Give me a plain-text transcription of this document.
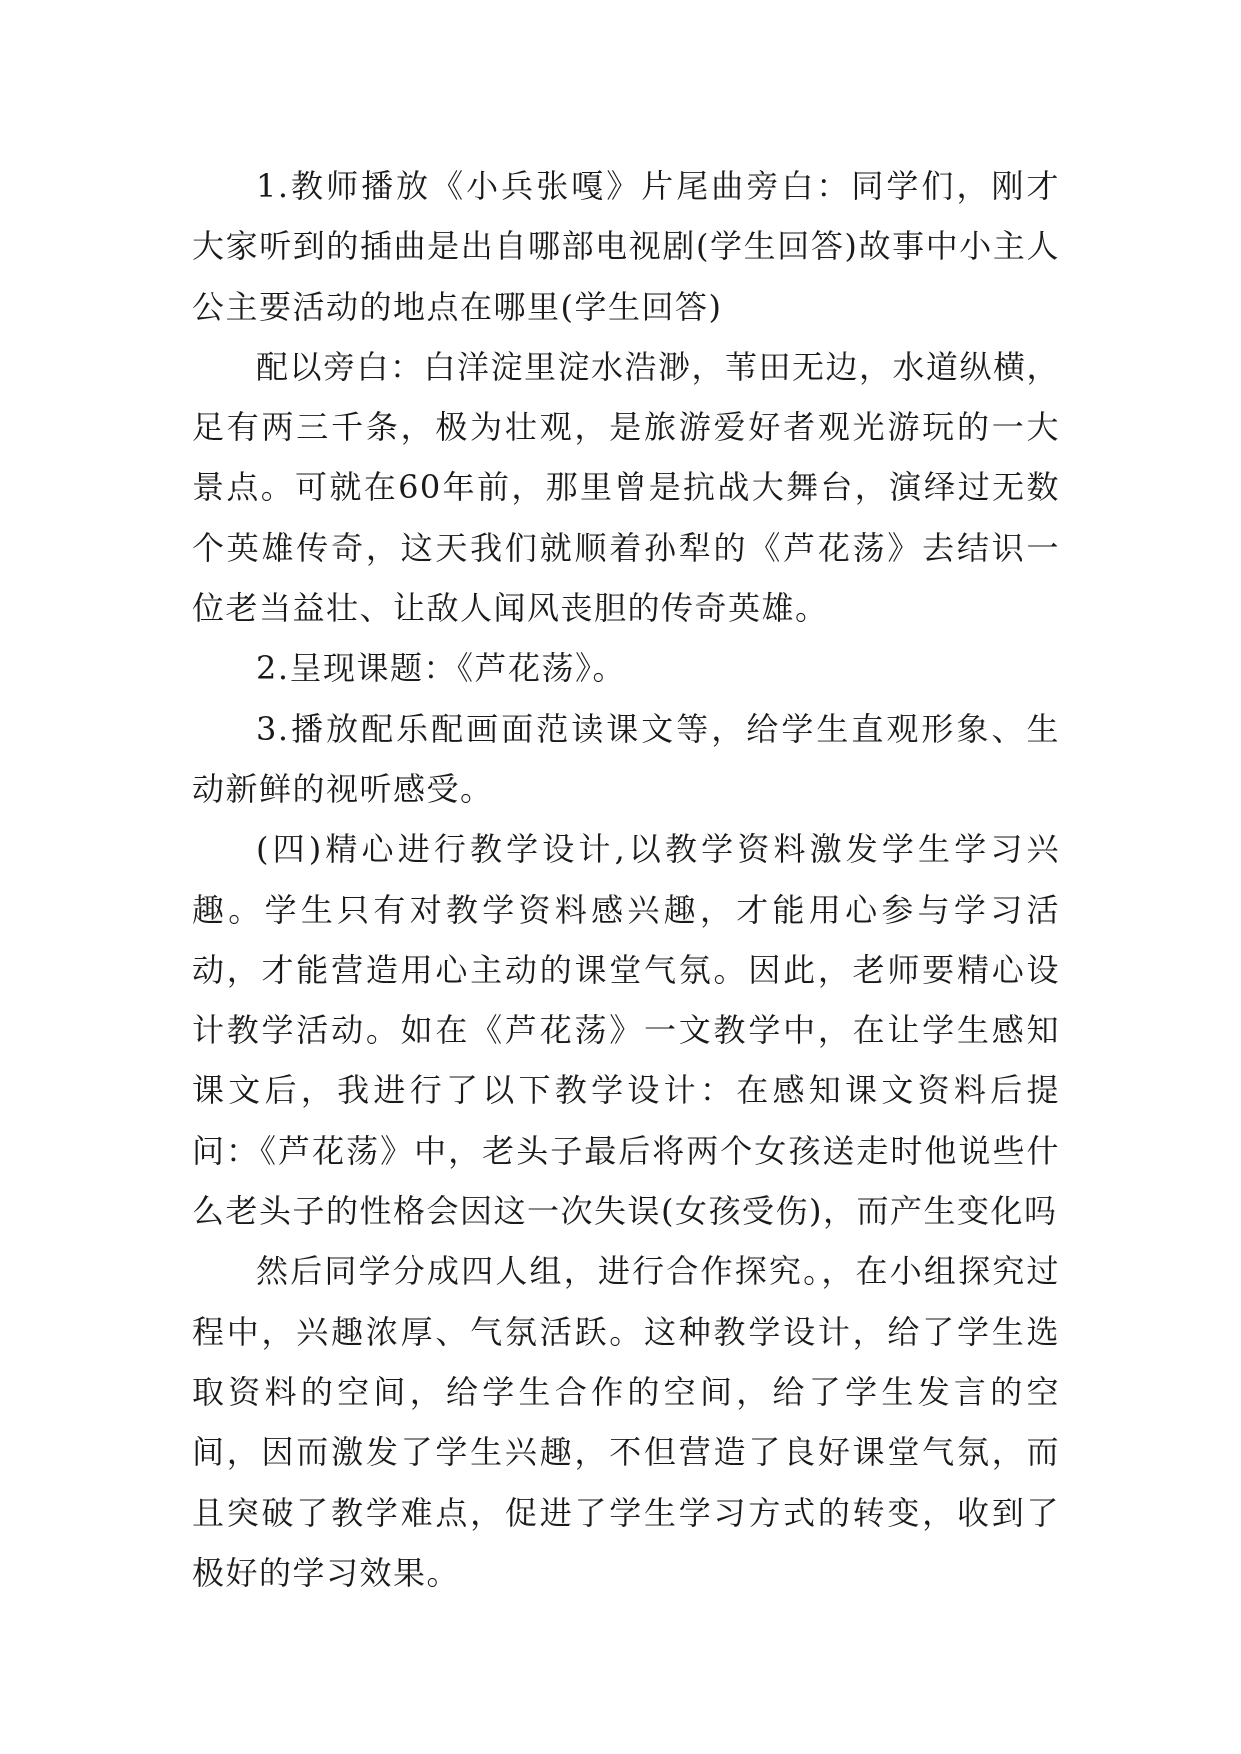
1.教师播放《小兵张嘎》片尾曲旁白：同学们，刚才大家听到的插曲是出自哪部电视剧(学生回答)故事中小主人公主要活动的地点在哪里(学生回答)

配以旁白：白洋淀里淀水浩渺，苇田无边，水道纵横，足有两三千条，极为壮观，是旅游爱好者观光游玩的一大景点。可就在60年前，那里曾是抗战大舞台，演绎过无数个英雄传奇，这天我们就顺着孙犁的《芦花荡》去结识一位老当益壮、让敌人闻风丧胆的传奇英雄。

2.呈现课题：《芦花荡》。

3.播放配乐配画面范读课文等，给学生直观形象、生动新鲜的视听感受。

(四)精心进行教学设计,以教学资料激发学生学习兴趣。学生只有对教学资料感兴趣，才能用心参与学习活动，才能营造用心主动的课堂气氛。因此，老师要精心设计教学活动。如在《芦花荡》一文教学中，在让学生感知课文后，我进行了以下教学设计：在感知课文资料后提问：《芦花荡》中，老头子最后将两个女孩送走时他说些什么老头子的性格会因这一次失误(女孩受伤)，而产生变化吗

然后同学分成四人组，进行合作探究。，在小组探究过程中，兴趣浓厚、气氛活跃。这种教学设计，给了学生选取资料的空间，给学生合作的空间，给了学生发言的空间，因而激发了学生兴趣，不但营造了良好课堂气氛，而且突破了教学难点，促进了学生学习方式的转变，收到了极好的学习效果。
